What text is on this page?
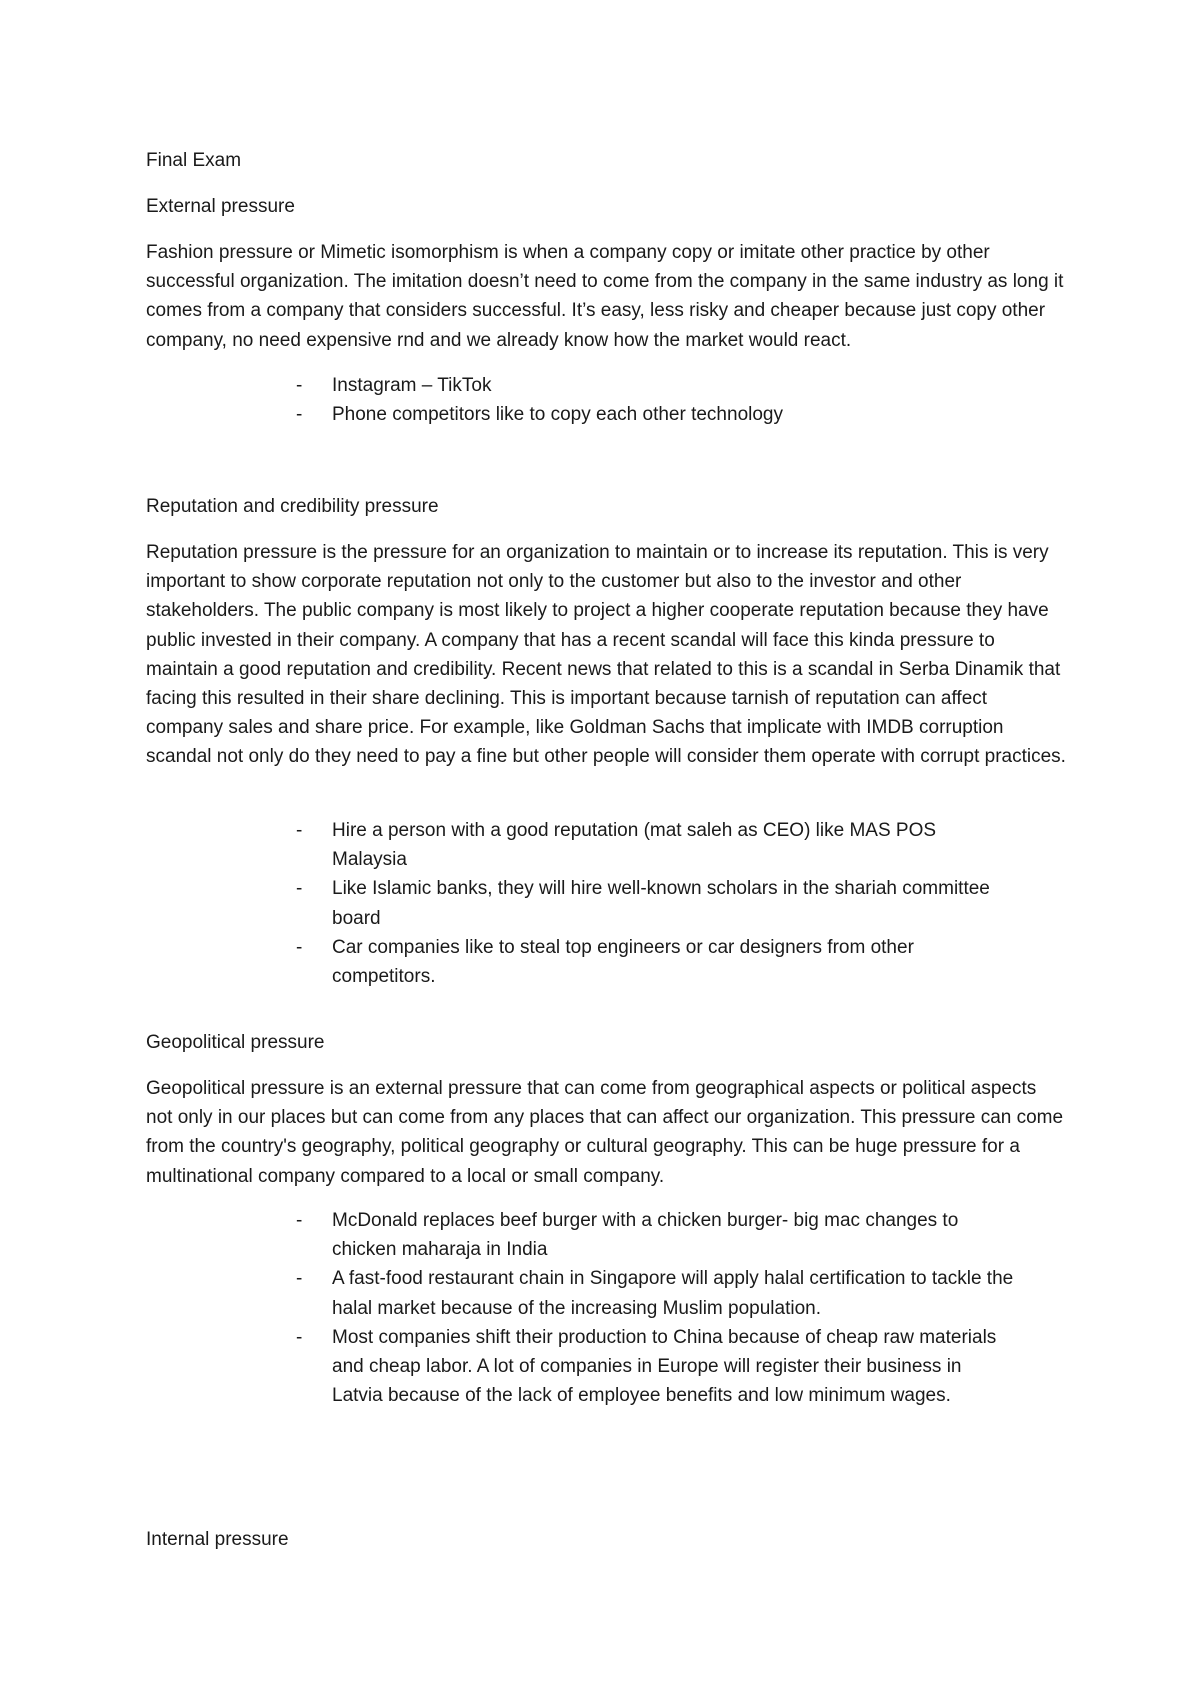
Final Exam
External pressure

Fashion pressure or Mimetic isomorphism is when a company copy or imitate other practice by other successful organization. The imitation doesn’t need to come from the company in the same industry as long it comes from a company that considers successful. It’s easy, less risky and cheaper because just copy other company, no need expensive rnd and we already know how the market would react.

- Instagram – TikTok
- Phone competitors like to copy each other technology
Reputation and credibility pressure

Reputation pressure is the pressure for an organization to maintain or to increase its reputation. This is very important to show corporate reputation not only to the customer but also to the investor and other stakeholders. The public company is most likely to project a higher cooperate reputation because they have public invested in their company. A company that has a recent scandal will face this kinda pressure to maintain a good reputation and credibility. Recent news that related to this is a scandal in Serba Dinamik that facing this resulted in their share declining. This is important because tarnish of reputation can affect company sales and share price. For example, like Goldman Sachs that implicate with IMDB corruption scandal not only do they need to pay a fine but other people will consider them operate with corrupt practices.

- Hire a person with a good reputation (mat saleh as CEO) like MAS POS Malaysia
- Like Islamic banks, they will hire well-known scholars in the shariah committee board
- Car companies like to steal top engineers or car designers from other competitors.
Geopolitical pressure

Geopolitical pressure is an external pressure that can come from geographical aspects or political aspects not only in our places but can come from any places that can affect our organization. This pressure can come from the country's geography, political geography or cultural geography. This can be huge pressure for a multinational company compared to a local or small company.

- McDonald replaces beef burger with a chicken burger- big mac changes to chicken maharaja in India
- A fast-food restaurant chain in Singapore will apply halal certification to tackle the halal market because of the increasing Muslim population.
- Most companies shift their production to China because of cheap raw materials and cheap labor. A lot of companies in Europe will register their business in Latvia because of the lack of employee benefits and low minimum wages.
Internal pressure
